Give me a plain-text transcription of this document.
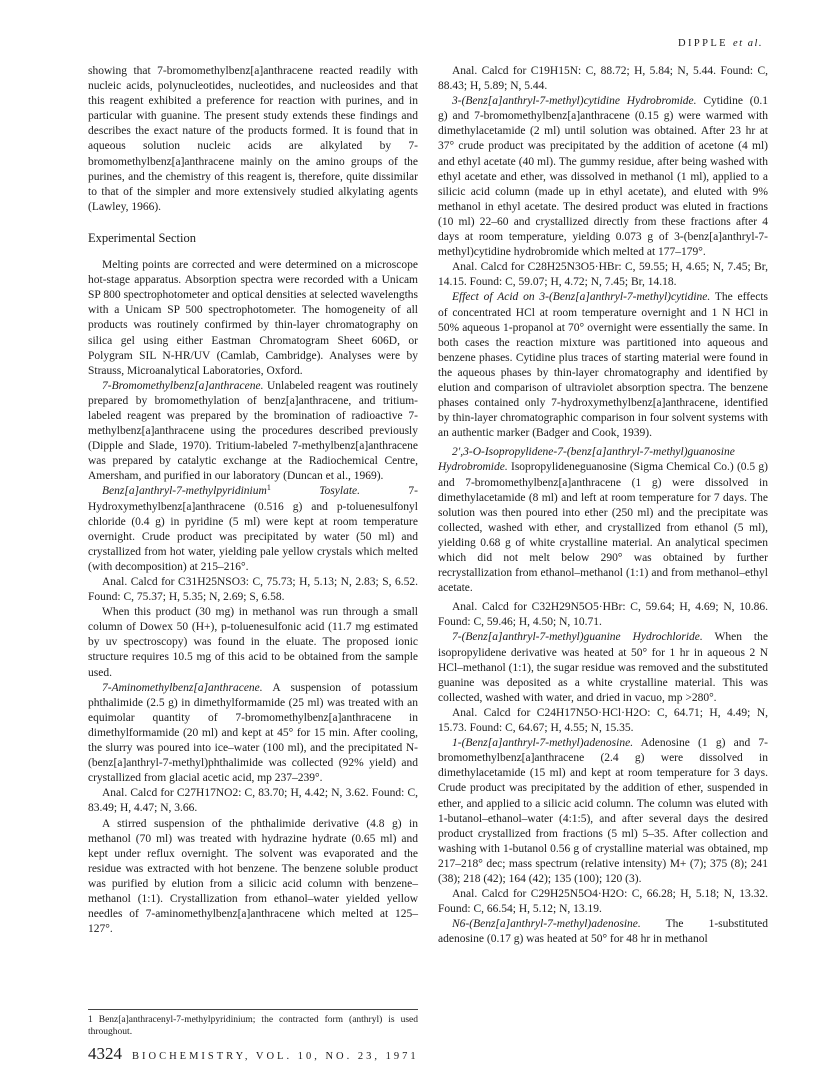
DIPPLE et al.

showing that 7-bromomethylbenz[a]anthracene reacted readily with nucleic acids, polynucleotides, nucleotides, and nucleosides and that this reagent exhibited a preference for reaction with purines, and in particular with guanine. The present study extends these findings and describes the exact nature of the products formed. It is found that in aqueous solution nucleic acids are alkylated by 7-bromomethylbenz[a]anthracene mainly on the amino groups of the purines, and the chemistry of this reagent is, therefore, quite dissimilar to that of the simpler and more extensively studied alkylating agents (Lawley, 1966).

Experimental Section

Melting points are corrected and were determined on a microscope hot-stage apparatus. Absorption spectra were recorded with a Unicam SP 800 spectrophotometer and optical densities at selected wavelengths with a Unicam SP 500 spectrophotometer. The homogeneity of all products was routinely confirmed by thin-layer chromatography on silica gel using either Eastman Chromatogram Sheet 606D, or Polygram SIL N-HR/UV (Camlab, Cambridge). Analyses were by Strauss, Microanalytical Laboratories, Oxford.

7-Bromomethylbenz[a]anthracene. Unlabeled reagent was routinely prepared by bromomethylation of benz[a]anthracene, and tritium-labeled reagent was prepared by the bromination of radioactive 7-methylbenz[a]anthracene using the procedures described previously (Dipple and Slade, 1970). Tritium-labeled 7-methylbenz[a]anthracene was prepared by catalytic exchange at the Radiochemical Centre, Amersham, and purified in our laboratory (Duncan et al., 1969).

Benz[a]anthryl-7-methylpyridinium$^1$ Tosylate. 7-Hydroxymethylbenz[a]anthracene (0.516 g) and p-toluenesulfonyl chloride (0.4 g) in pyridine (5 ml) were kept at room temperature overnight. Crude product was precipitated by water (50 ml) and crystallized from hot water, yielding pale yellow crystals which melted (with decomposition) at 215–216°.

Anal. Calcd for C31H25NSO3: C, 75.73; H, 5.13; N, 2.83; S, 6.52. Found: C, 75.37; H, 5.35; N, 2.69; S, 6.58.

When this product (30 mg) in methanol was run through a small column of Dowex 50 (H+), p-toluenesulfonic acid (11.7 mg estimated by uv spectroscopy) was found in the eluate. The proposed ionic structure requires 10.5 mg of this acid to be obtained from the sample used.

7-Aminomethylbenz[a]anthracene. A suspension of potassium phthalimide (2.5 g) in dimethylformamide (25 ml) was treated with an equimolar quantity of 7-bromomethylbenz[a]anthracene in dimethylformamide (20 ml) and kept at 45° for 15 min. After cooling, the slurry was poured into ice–water (100 ml), and the precipitated N-(benz[a]anthryl-7-methyl)phthalimide was collected (92% yield) and crystallized from glacial acetic acid, mp 237–239°.

Anal. Calcd for C27H17NO2: C, 83.70; H, 4.42; N, 3.62. Found: C, 83.49; H, 4.47; N, 3.66.

A stirred suspension of the phthalimide derivative (4.8 g) in methanol (70 ml) was treated with hydrazine hydrate (0.65 ml) and kept under reflux overnight. The solvent was evaporated and the residue was extracted with hot benzene. The benzene soluble product was purified by elution from a silicic acid column with benzene–methanol (1:1). Crystallization from ethanol–water yielded yellow needles of 7-aminomethylbenz[a]anthracene which melted at 125–127°.

Anal. Calcd for C19H15N: C, 88.72; H, 5.84; N, 5.44. Found: C, 88.43; H, 5.89; N, 5.44.

3-(Benz[a]anthryl-7-methyl)cytidine Hydrobromide. Cytidine (0.1 g) and 7-bromomethylbenz[a]anthracene (0.15 g) were warmed with dimethylacetamide (2 ml) until solution was obtained. After 23 hr at 37° crude product was precipitated by the addition of acetone (4 ml) and ethyl acetate (40 ml). The gummy residue, after being washed with ethyl acetate and ether, was dissolved in methanol (1 ml), applied to a silicic acid column (made up in ethyl acetate), and eluted with 9% methanol in ethyl acetate. The desired product was eluted in fractions (10 ml) 22–60 and crystallized directly from these fractions after 4 days at room temperature, yielding 0.073 g of 3-(benz[a]anthryl-7-methyl)cytidine hydrobromide which melted at 177–179°.

Anal. Calcd for C28H25N3O5·HBr: C, 59.55; H, 4.65; N, 7.45; Br, 14.15. Found: C, 59.07; H, 4.72; N, 7.45; Br, 14.18.

Effect of Acid on 3-(Benz[a]anthryl-7-methyl)cytidine. The effects of concentrated HCl at room temperature overnight and 1 N HCl in 50% aqueous 1-propanol at 70° overnight were essentially the same. In both cases the reaction mixture was partitioned into aqueous and benzene phases. Cytidine plus traces of starting material were found in the aqueous phases by thin-layer chromatography and identified by elution and comparison of ultraviolet absorption spectra. The benzene phases contained only 7-hydroxymethylbenz[a]anthracene, identified by thin-layer chromatographic comparison in four solvent systems with an authentic marker (Badger and Cook, 1939).

2′,3-O-Isopropylidene-7-(benz[a]anthryl-7-methyl)guanosine Hydrobromide. Isopropylideneguanosine (Sigma Chemical Co.) (0.5 g) and 7-bromomethylbenz[a]anthracene (1 g) were dissolved in dimethylacetamide (8 ml) and left at room temperature for 7 days. The solution was then poured into ether (250 ml) and the precipitate was collected, washed with ether, and crystallized from ethanol (5 ml), yielding 0.68 g of white crystalline material. An analytical specimen which did not melt below 290° was obtained by further recrystallization from ethanol–methanol (1:1) and from methanol–ethyl acetate.

Anal. Calcd for C32H29N5O5·HBr: C, 59.64; H, 4.69; N, 10.86. Found: C, 59.46; H, 4.50; N, 10.71.

7-(Benz[a]anthryl-7-methyl)guanine Hydrochloride. When the isopropylidene derivative was heated at 50° for 1 hr in aqueous 2 N HCl–methanol (1:1), the sugar residue was removed and the substituted guanine was deposited as a white crystalline material. This was collected, washed with water, and dried in vacuo, mp >280°.

Anal. Calcd for C24H17N5O·HCl·H2O: C, 64.71; H, 4.49; N, 15.73. Found: C, 64.67; H, 4.55; N, 15.35.

1-(Benz[a]anthryl-7-methyl)adenosine. Adenosine (1 g) and 7-bromomethylbenz[a]anthracene (2.4 g) were dissolved in dimethylacetamide (15 ml) and kept at room temperature for 3 days. Crude product was precipitated by the addition of ether, suspended in ether, and applied to a silicic acid column. The column was eluted with 1-butanol–ethanol–water (4:1:5), and after several days the desired product crystallized from fractions (5 ml) 5–35. After collection and washing with 1-butanol 0.56 g of crystalline material was obtained, mp 217–218° dec; mass spectrum (relative intensity) M+ (7); 375 (8); 241 (38); 218 (42); 164 (42); 135 (100); 120 (3).

Anal. Calcd for C29H25N5O4·H2O: C, 66.28; H, 5.18; N, 13.32. Found: C, 66.54; H, 5.12; N, 13.19.

N6-(Benz[a]anthryl-7-methyl)adenosine. The 1-substituted adenosine (0.17 g) was heated at 50° for 48 hr in methanol

1 Benz[a]anthracenyl-7-methylpyridinium; the contracted form (anthryl) is used throughout.
4324 BIOCHEMISTRY, VOL. 10, NO. 23, 1971
